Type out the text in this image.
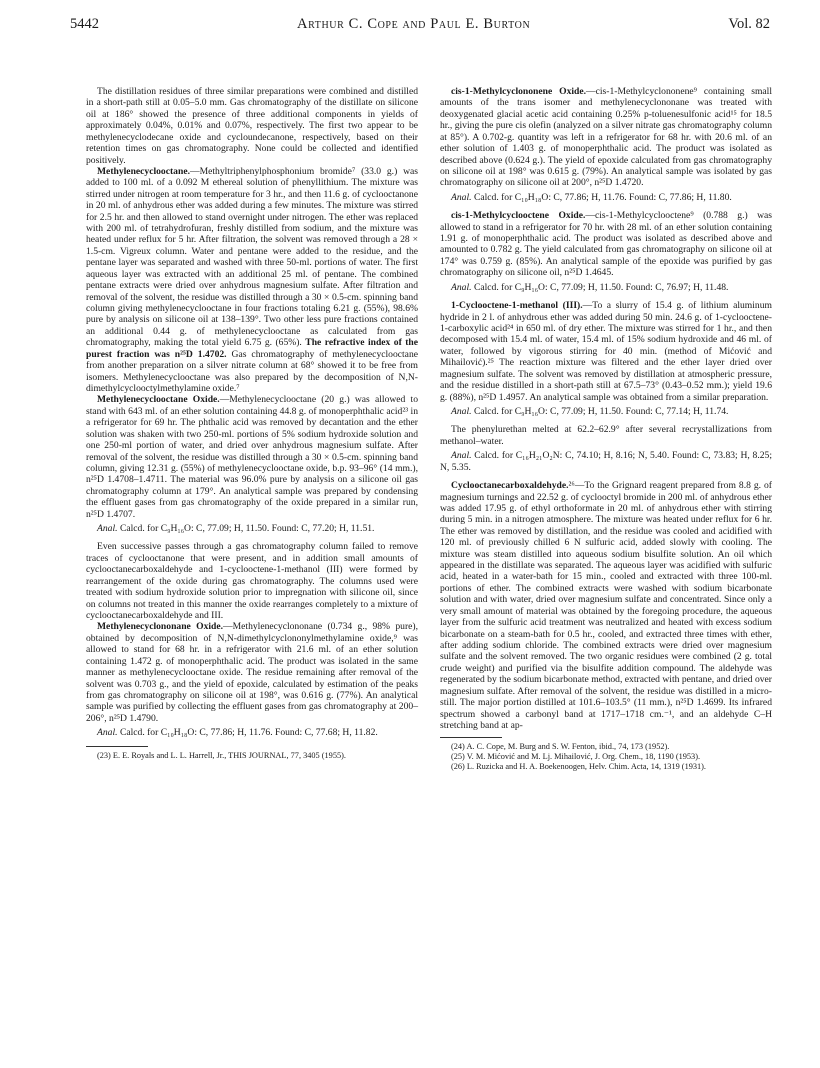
5442	Arthur C. Cope and Paul E. Burton	Vol. 82

The distillation residues of three similar preparations were combined and distilled in a short-path still at 0.05–5.0 mm. Gas chromatography of the distillate on silicone oil at 186° showed the presence of three additional components in yields of approximately 0.04%, 0.01% and 0.07%, respectively. The first two appear to be methylenecyclodecane oxide and cycloundecanone, respectively, based on their retention times on gas chromatography. None could be collected and identified positively.

Methylenecyclooctane.—Methyltriphenylphosphonium bromide⁷ (33.0 g.) was added to 100 ml. of a 0.092 M ethereal solution of phenyllithium. The mixture was stirred under nitrogen at room temperature for 3 hr., and then 11.6 g. of cyclooctanone in 20 ml. of anhydrous ether was added during a few minutes. The mixture was stirred for 2.5 hr. and then allowed to stand overnight under nitrogen. The ether was replaced with 200 ml. of tetrahydrofuran, freshly distilled from sodium, and the mixture was heated under reflux for 5 hr. After filtration, the solvent was removed through a 28 × 1.5-cm. Vigreux column. Water and pentane were added to the residue, and the pentane layer was separated and washed with three 50-ml. portions of water. The first aqueous layer was extracted with an additional 25 ml. of pentane. The combined pentane extracts were dried over anhydrous magnesium sulfate. After filtration and removal of the solvent, the residue was distilled through a 30 × 0.5-cm. spinning band column giving methylenecyclooctane in four fractions totaling 6.21 g. (55%), 98.6% pure by analysis on silicone oil at 138–139°. Two other less pure fractions contained an additional 0.44 g. of methylenecyclooctane as calculated from gas chromatography, making the total yield 6.75 g. (65%). The refractive index of the purest fraction was n²⁵D 1.4702. Gas chromatography of methylenecyclooctane from another preparation on a silver nitrate column at 68° showed it to be free from isomers. Methylenecyclooctane was also prepared by the decomposition of N,N-dimethylcyclooctylmethylamine oxide.⁷

Methylenecyclooctane Oxide.—Methylenecyclooctane (20 g.) was allowed to stand with 643 ml. of an ether solution containing 44.8 g. of monoperphthalic acid²³ in a refrigerator for 69 hr. The phthalic acid was removed by decantation and the ether solution was shaken with two 250-ml. portions of 5% sodium hydroxide solution and one 250-ml portion of water, and dried over anhydrous magnesium sulfate. After removal of the solvent, the residue was distilled through a 30 × 0.5-cm. spinning band column, giving 12.31 g. (55%) of methylenecyclooctane oxide, b.p. 93–96° (14 mm.), n²⁵D 1.4708–1.4711. The material was 96.0% pure by analysis on a silicone oil gas chromatography column at 179°. An analytical sample was prepared by condensing the effluent gases from gas chromatography of the oxide prepared in a similar run, n²⁵D 1.4707.

Anal. Calcd. for C₉H₁₆O: C, 77.09; H, 11.50. Found: C, 77.20; H, 11.51.

Even successive passes through a gas chromatography column failed to remove traces of cyclooctanone that were present, and in addition small amounts of cyclooctanecarboxaldehyde and 1-cyclooctene-1-methanol (III) were formed by rearrangement of the oxide during gas chromatography. The columns used were treated with sodium hydroxide solution prior to impregnation with silicone oil, since on columns not treated in this manner the oxide rearranges completely to a mixture of cyclooctanecarboxaldehyde and III.

Methylenecyclononane Oxide.—Methylenecyclononane (0.734 g., 98% pure), obtained by decomposition of N,N-dimethylcyclononylmethylamine oxide,⁹ was allowed to stand for 68 hr. in a refrigerator with 21.6 ml. of an ether solution containing 1.472 g. of monoperphthalic acid. The product was isolated in the same manner as methylenecyclooctane oxide. The residue remaining after removal of the solvent was 0.703 g., and the yield of epoxide, calculated by estimation of the peaks from gas chromatography on silicone oil at 198°, was 0.616 g. (77%). An analytical sample was purified by collecting the effluent gases from gas chromatography at 200–206°, n²⁵D 1.4790.

Anal. Calcd. for C₁₀H₁₈O: C, 77.86; H, 11.76. Found: C, 77.68; H, 11.82.

(23) E. E. Royals and L. L. Harrell, Jr., THIS JOURNAL, 77, 3405 (1955).

cis-1-Methylcyclononene Oxide.—cis-1-Methylcyclononene⁹ containing small amounts of the trans isomer and methylenecyclononane was treated with deoxygenated glacial acetic acid containing 0.25% p-toluenesulfonic acid¹⁵ for 18.5 hr., giving the pure cis olefin (analyzed on a silver nitrate gas chromatography column at 85°). A 0.702-g. quantity was left in a refrigerator for 68 hr. with 20.6 ml. of an ether solution of 1.403 g. of monoperphthalic acid. The product was isolated as described above (0.624 g.). The yield of epoxide calculated from gas chromatography on silicone oil at 198° was 0.615 g. (79%). An analytical sample was isolated by gas chromatography on silicone oil at 200°, n²⁵D 1.4720.

Anal. Calcd. for C₁₀H₁₈O: C, 77.86; H, 11.76. Found: C, 77.86; H, 11.80.

cis-1-Methylcyclooctene Oxide.—cis-1-Methylcyclooctene⁹ (0.788 g.) was allowed to stand in a refrigerator for 70 hr. with 28 ml. of an ether solution containing 1.91 g. of monoperphthalic acid. The product was isolated as described above and amounted to 0.782 g. The yield calculated from gas chromatography on silicone oil at 174° was 0.759 g. (85%). An analytical sample of the epoxide was purified by gas chromatography on silicone oil, n²⁵D 1.4645.

Anal. Calcd. for C₉H₁₆O: C, 77.09; H, 11.50. Found: C, 76.97; H, 11.48.

1-Cyclooctene-1-methanol (III).—To a slurry of 15.4 g. of lithium aluminum hydride in 2 l. of anhydrous ether was added during 50 min. 24.6 g. of 1-cyclooctene-1-carboxylic acid²⁴ in 650 ml. of dry ether. The mixture was stirred for 1 hr., and then decomposed with 15.4 ml. of water, 15.4 ml. of 15% sodium hydroxide and 46 ml. of water, followed by vigorous stirring for 40 min. (method of Mićović and Mihailović).²⁵ The reaction mixture was filtered and the ether layer dried over magnesium sulfate. The solvent was removed by distillation at atmospheric pressure, and the residue distilled in a short-path still at 67.5–73° (0.43–0.52 mm.); yield 19.6 g. (88%), n²⁵D 1.4957. An analytical sample was obtained from a similar preparation.

Anal. Calcd. for C₉H₁₆O: C, 77.09; H, 11.50. Found: C, 77.14; H, 11.74.

The phenylurethan melted at 62.2–62.9° after several recrystallizations from methanol–water.

Anal. Calcd. for C₁₆H₂₁O₂N: C, 74.10; H, 8.16; N, 5.40. Found: C, 73.83; H, 8.25; N, 5.35.

Cyclooctanecarboxaldehyde.²⁶—To the Grignard reagent prepared from 8.8 g. of magnesium turnings and 22.52 g. of cyclooctyl bromide in 200 ml. of anhydrous ether was added 17.95 g. of ethyl orthoformate in 20 ml. of anhydrous ether with stirring during 5 min. in a nitrogen atmosphere. The mixture was heated under reflux for 6 hr. The ether was removed by distillation, and the residue was cooled and acidified with 120 ml. of previously chilled 6 N sulfuric acid, added slowly with cooling. The mixture was steam distilled into aqueous sodium bisulfite solution. An oil which appeared in the distillate was separated. The aqueous layer was acidified with sulfuric acid, heated in a water-bath for 15 min., cooled and extracted with three 100-ml. portions of ether. The combined extracts were washed with sodium bicarbonate solution and with water, dried over magnesium sulfate and concentrated. Since only a very small amount of material was obtained by the foregoing procedure, the aqueous layer from the sulfuric acid treatment was neutralized and heated with excess sodium bicarbonate on a steam-bath for 0.5 hr., cooled, and extracted three times with ether, after adding sodium chloride. The combined extracts were dried over magnesium sulfate and the solvent removed. The two organic residues were combined (2 g. total crude weight) and purified via the bisulfite addition compound. The aldehyde was regenerated by the sodium bicarbonate method, extracted with pentane, and dried over magnesium sulfate. After removal of the solvent, the residue was distilled in a micro-still. The major portion distilled at 101.6–103.5° (11 mm.), n²⁵D 1.4699. Its infrared spectrum showed a carbonyl band at 1717–1718 cm.⁻¹, and an aldehyde C–H stretching band at ap-

(24) A. C. Cope, M. Burg and S. W. Fenton, ibid., 74, 173 (1952).

(25) V. M. Mićović and M. Lj. Mihailović, J. Org. Chem., 18, 1190 (1953).

(26) L. Ruzicka and H. A. Boekenoogen, Helv. Chim. Acta, 14, 1319 (1931).
